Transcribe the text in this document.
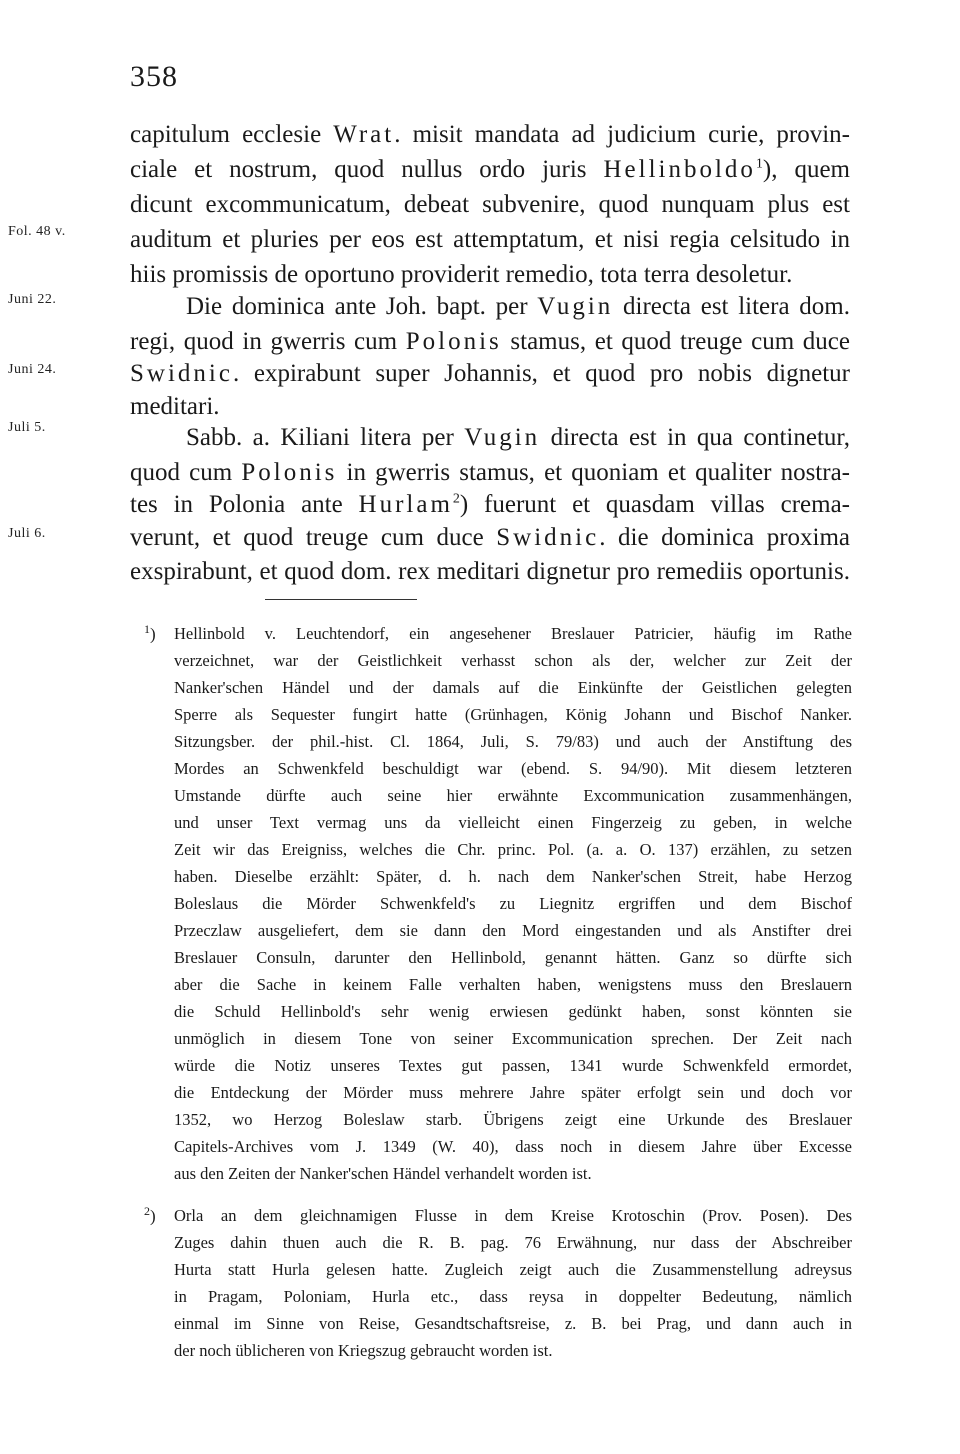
358
Fol. 48 v.
Juni 22.
Juni 24.
Juli 5.
Juli 6.
capitulum ecclesie Wrat. misit mandata ad judicium curie, provin-
ciale et nostrum, quod nullus ordo juris Hellinboldo$^1$), quem
dicunt excommunicatum, debeat subvenire, quod nunquam plus est
auditum et pluries per eos est attemptatum, et nisi regia celsitudo in
hiis promissis de oportuno providerit remedio, tota terra desoletur.
Die dominica ante Joh. bapt. per Vugin directa est litera dom.
regi, quod in gwerris cum Polonis stamus, et quod treuge cum duce
Swidnic. expirabunt super Johannis, et quod pro nobis dignetur
meditari.
Sabb. a. Kiliani litera per Vugin directa est in qua continetur,
quod cum Polonis in gwerris stamus, et quoniam et qualiter nostra-
tes in Polonia ante Hurlam$^2$) fuerunt et quasdam villas crema-
verunt, et quod treuge cum duce Swidnic. die dominica proxima
exspirabunt, et quod dom. rex meditari dignetur pro remediis oportunis.
$^1$) Hellinbold v. Leuchtendorf, ein angesehener Breslauer Patricier, häufig im Rathe
verzeichnet, war der Geistlichkeit verhasst schon als der, welcher zur Zeit der
Nanker'schen Händel und der damals auf die Einkünfte der Geistlichen gelegten
Sperre als Sequester fungirt hatte (Grünhagen, König Johann und Bischof Nanker.
Sitzungsber. der phil.-hist. Cl. 1864, Juli, S. 79/83) und auch der Anstiftung des
Mordes an Schwenkfeld beschuldigt war (ebend. S. 94/90). Mit diesem letzteren
Umstande dürfte auch seine hier erwähnte Excommunication zusammenhängen,
und unser Text vermag uns da vielleicht einen Fingerzeig zu geben, in welche
Zeit wir das Ereigniss, welches die Chr. princ. Pol. (a. a. O. 137) erzählen, zu setzen
haben. Dieselbe erzählt: Später, d. h. nach dem Nanker'schen Streit, habe Herzog
Boleslaus die Mörder Schwenkfeld's zu Liegnitz ergriffen und dem Bischof
Przeczlaw ausgeliefert, dem sie dann den Mord eingestanden und als Anstifter drei
Breslauer Consuln, darunter den Hellinbold, genannt hätten. Ganz so dürfte sich
aber die Sache in keinem Falle verhalten haben, wenigstens muss den Breslauern
die Schuld Hellinbold's sehr wenig erwiesen gedünkt haben, sonst könnten sie
unmöglich in diesem Tone von seiner Excommunication sprechen. Der Zeit nach
würde die Notiz unseres Textes gut passen, 1341 wurde Schwenkfeld ermordet,
die Entdeckung der Mörder muss mehrere Jahre später erfolgt sein und doch vor
1352, wo Herzog Boleslaw starb. Übrigens zeigt eine Urkunde des Breslauer
Capitels-Archives vom J. 1349 (W. 40), dass noch in diesem Jahre über Excesse
aus den Zeiten der Nanker'schen Händel verhandelt worden ist.
$^2$) Orla an dem gleichnamigen Flusse in dem Kreise Krotoschin (Prov. Posen). Des
Zuges dahin thuen auch die R. B. pag. 76 Erwähnung, nur dass der Abschreiber
Hurta statt Hurla gelesen hatte. Zugleich zeigt auch die Zusammenstellung adreysus
in Pragam, Poloniam, Hurla etc., dass reysa in doppelter Bedeutung, nämlich
einmal im Sinne von Reise, Gesandtschaftsreise, z. B. bei Prag, und dann auch in
der noch üblicheren von Kriegszug gebraucht worden ist.
